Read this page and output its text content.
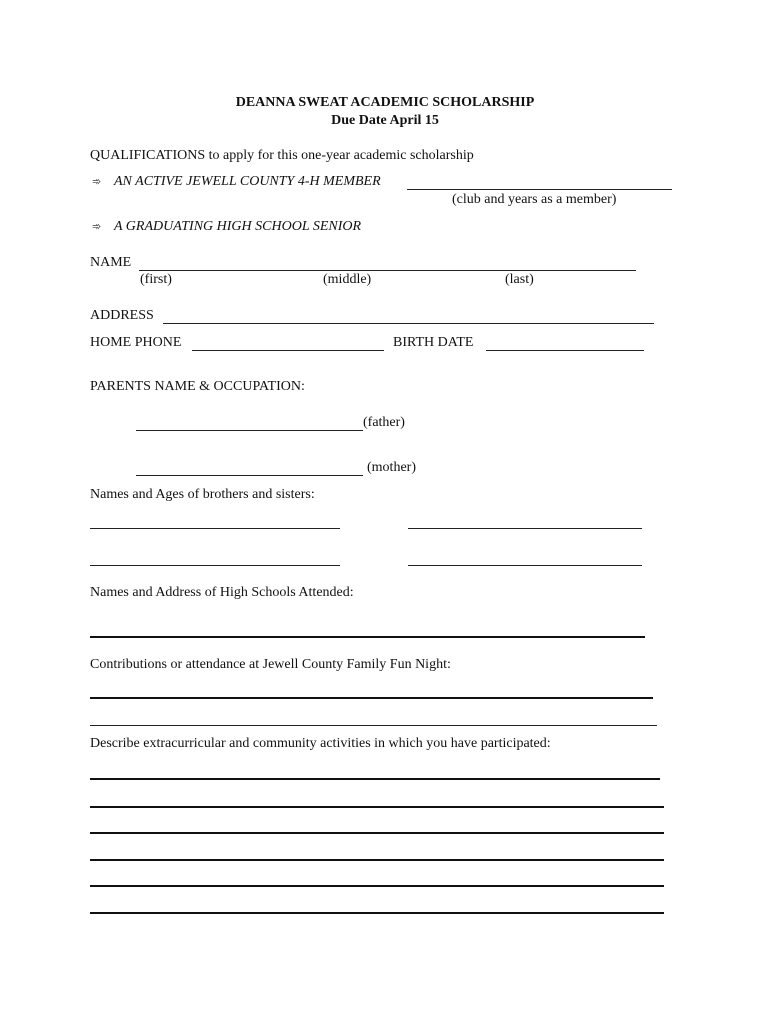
DEANNA SWEAT ACADEMIC SCHOLARSHIP
Due Date April 15
QUALIFICATIONS to apply for this one-year academic scholarship
➾ AN ACTIVE JEWELL COUNTY 4-H MEMBER
(club and years as a member)
➾ A GRADUATING HIGH SCHOOL SENIOR
NAME
(first)	(middle)	(last)
ADDRESS
HOME PHONE	BIRTH DATE
PARENTS NAME & OCCUPATION:
(father)
(mother)
Names and Ages of brothers and sisters:
Names and Address of High Schools Attended:
Contributions or attendance at Jewell County Family Fun Night:
Describe extracurricular and community activities in which you have participated:
